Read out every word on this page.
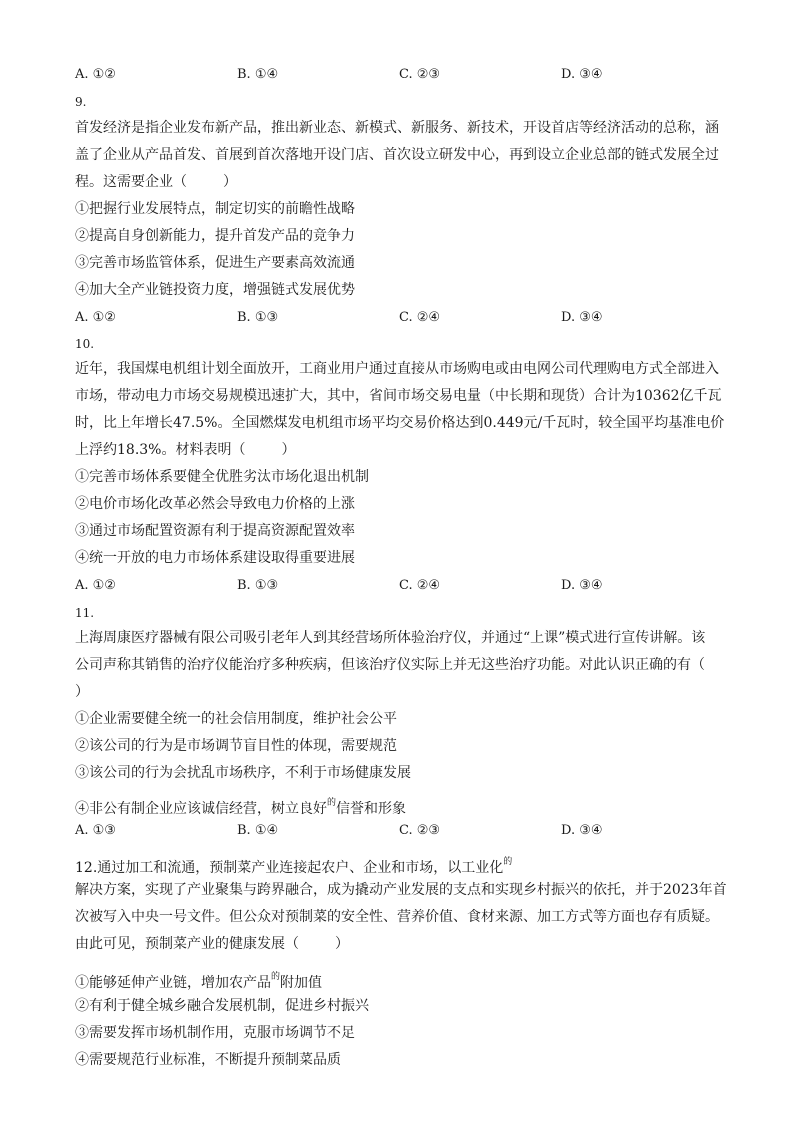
A. ①②	B. ①④	C. ②③	D. ③④
9.
首发经济是指企业发布新产品，推出新业态、新模式、新服务、新技术，开设首店等经济活动的总称，涵
盖了企业从产品首发、首展到首次落地开设门店、首次设立研发中心，再到设立企业总部的链式发展全过
程。这需要企业（	）
①把握行业发展特点，制定切实的前瞻性战略
②提高自身创新能力，提升首发产品的竞争力
③完善市场监管体系，促进生产要素高效流通
④加大全产业链投资力度，增强链式发展优势
A. ①②	B. ①③	C. ②④	D. ③④
10.
近年，我国煤电机组计划全面放开，工商业用户通过直接从市场购电或由电网公司代理购电方式全部进入
市场，带动电力市场交易规模迅速扩大，其中，省间市场交易电量（中长期和现货）合计为10362亿千瓦
时，比上年增长47.5%。全国燃煤发电机组市场平均交易价格达到0.449元/千瓦时，较全国平均基准电价
上浮约18.3%。材料表明（	）
①完善市场体系要健全优胜劣汰市场化退出机制
②电价市场化改革必然会导致电力价格的上涨
③通过市场配置资源有利于提高资源配置效率
④统一开放的电力市场体系建设取得重要进展
A. ①②	B. ①③	C. ②④	D. ③④
11.
上海周康医疗器械有限公司吸引老年人到其经营场所体验治疗仪，并通过“上课”模式进行宣传讲解。该
公司声称其销售的治疗仪能治疗多种疾病，但该治疗仪实际上并无这些治疗功能。对此认识正确的有（
）
①企业需要健全统一的社会信用制度，维护社会公平
②该公司的行为是市场调节盲目性的体现，需要规范
③该公司的行为会扰乱市场秩序，不利于市场健康发展
④非公有制企业应该诚信经营，树立良好$^的$信誉和形象
A. ①③	B. ①④	C. ②③	D. ③④
12.通过加工和流通，预制菜产业连接起农户、企业和市场，以工业化$^的$
解决方案，实现了产业聚集与跨界融合，成为撬动产业发展的支点和实现乡村振兴的依托，并于2023年首
次被写入中央一号文件。但公众对预制菜的安全性、营养价值、食材来源、加工方式等方面也存有质疑。
由此可见，预制菜产业的健康发展（	）
①能够延伸产业链，增加农产品$^的$附加值
②有利于健全城乡融合发展机制，促进乡村振兴
③需要发挥市场机制作用，克服市场调节不足
④需要规范行业标准，不断提升预制菜品质
